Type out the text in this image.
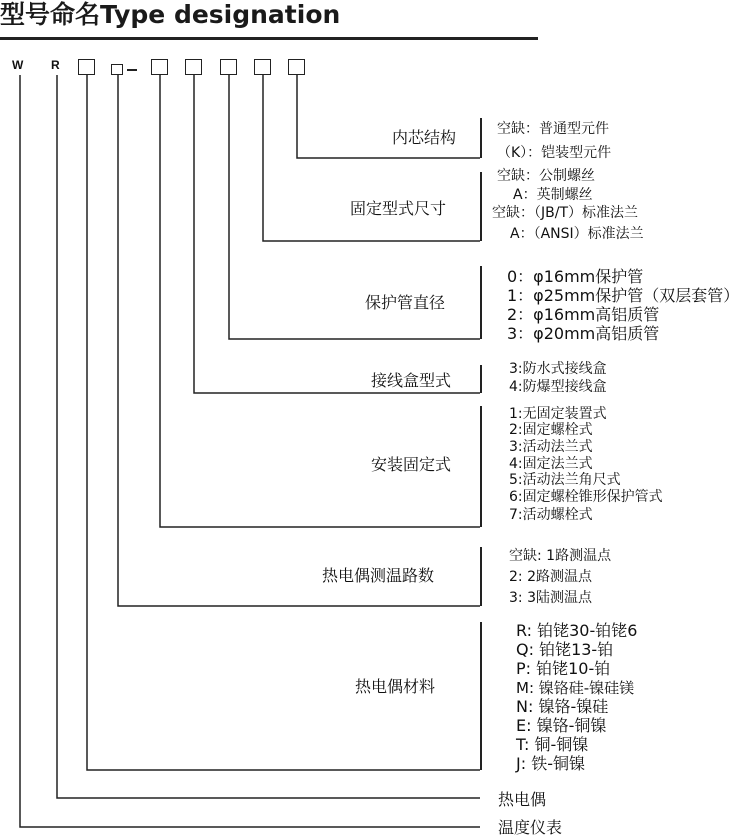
型号命名Type designation
W R
内芯结构
固定型式尺寸
保护管直径
接线盒型式
安装固定式
热电偶测温路数
热电偶材料
热电偶
温度仪表
空缺：普通型元件
（K）：铠装型元件
空缺：公制螺丝
A：英制螺丝
空缺：（JB/T）标准法兰
A：（ANSI）标准法兰
0：φ16mm保护管
1：φ25mm保护管（双层套管）
2：φ16mm高铝质管
3：φ20mm高铝质管
3:防水式接线盒
4:防爆型接线盒
1:无固定装置式
2:固定螺栓式
3:活动法兰式
4:固定法兰式
5:活动法兰角尺式
6:固定螺栓锥形保护管式
7:活动螺栓式
空缺: 1路测温点
2: 2路测温点
3: 3陆测温点
R: 铂铑30-铂铑6
Q: 铂铑13-铂
P: 铂铑10-铂
M: 镍铬硅-镍硅镁
N: 镍铬-镍硅
E: 镍铬-铜镍
T: 铜-铜镍
J: 铁-铜镍
